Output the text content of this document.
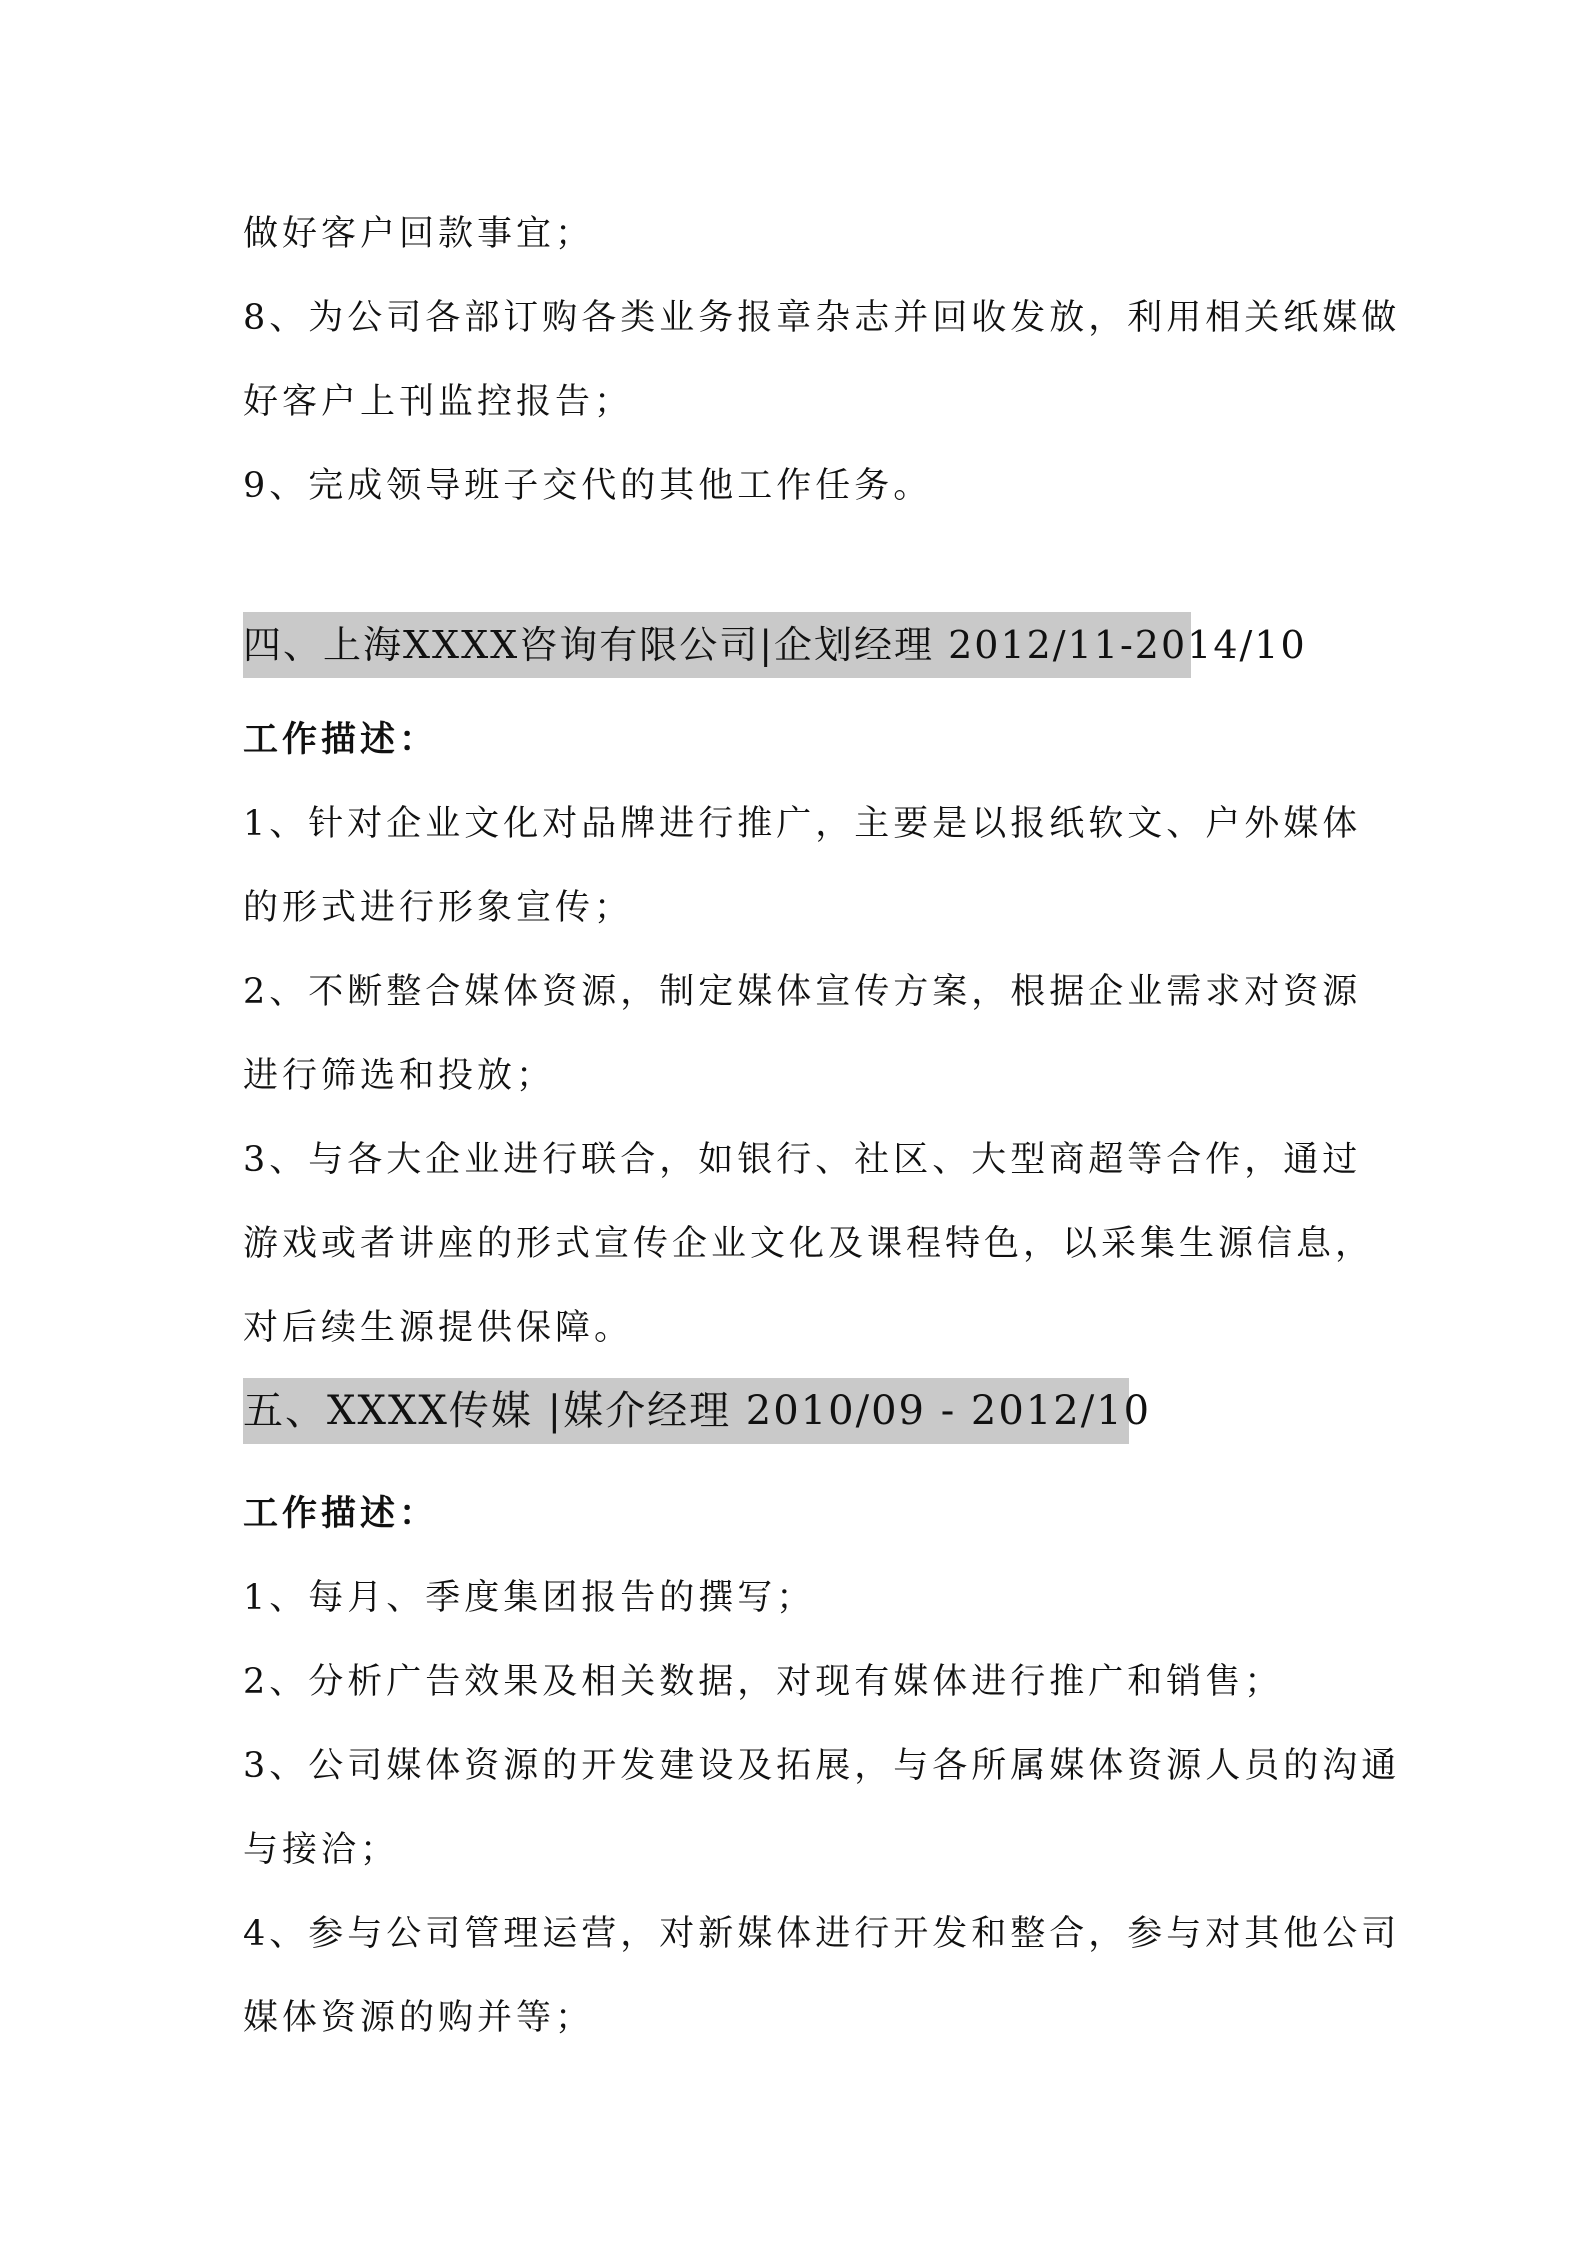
做好客户回款事宜；
8、为公司各部订购各类业务报章杂志并回收发放，利用相关纸媒做
好客户上刊监控报告；
9、完成领导班子交代的其他工作任务。
四、上海XXXX咨询有限公司|企划经理 2012/11-2014/10
工作描述：
1、针对企业文化对品牌进行推广，主要是以报纸软文、户外媒体
的形式进行形象宣传；
2、不断整合媒体资源，制定媒体宣传方案，根据企业需求对资源
进行筛选和投放；
3、与各大企业进行联合，如银行、社区、大型商超等合作，通过
游戏或者讲座的形式宣传企业文化及课程特色，以采集生源信息，
对后续生源提供保障。
五、XXXX传媒 |媒介经理 2010/09 - 2012/10
工作描述：
1、每月、季度集团报告的撰写；
2、分析广告效果及相关数据，对现有媒体进行推广和销售；
3、公司媒体资源的开发建设及拓展，与各所属媒体资源人员的沟通
与接洽；
4、参与公司管理运营，对新媒体进行开发和整合，参与对其他公司
媒体资源的购并等；
